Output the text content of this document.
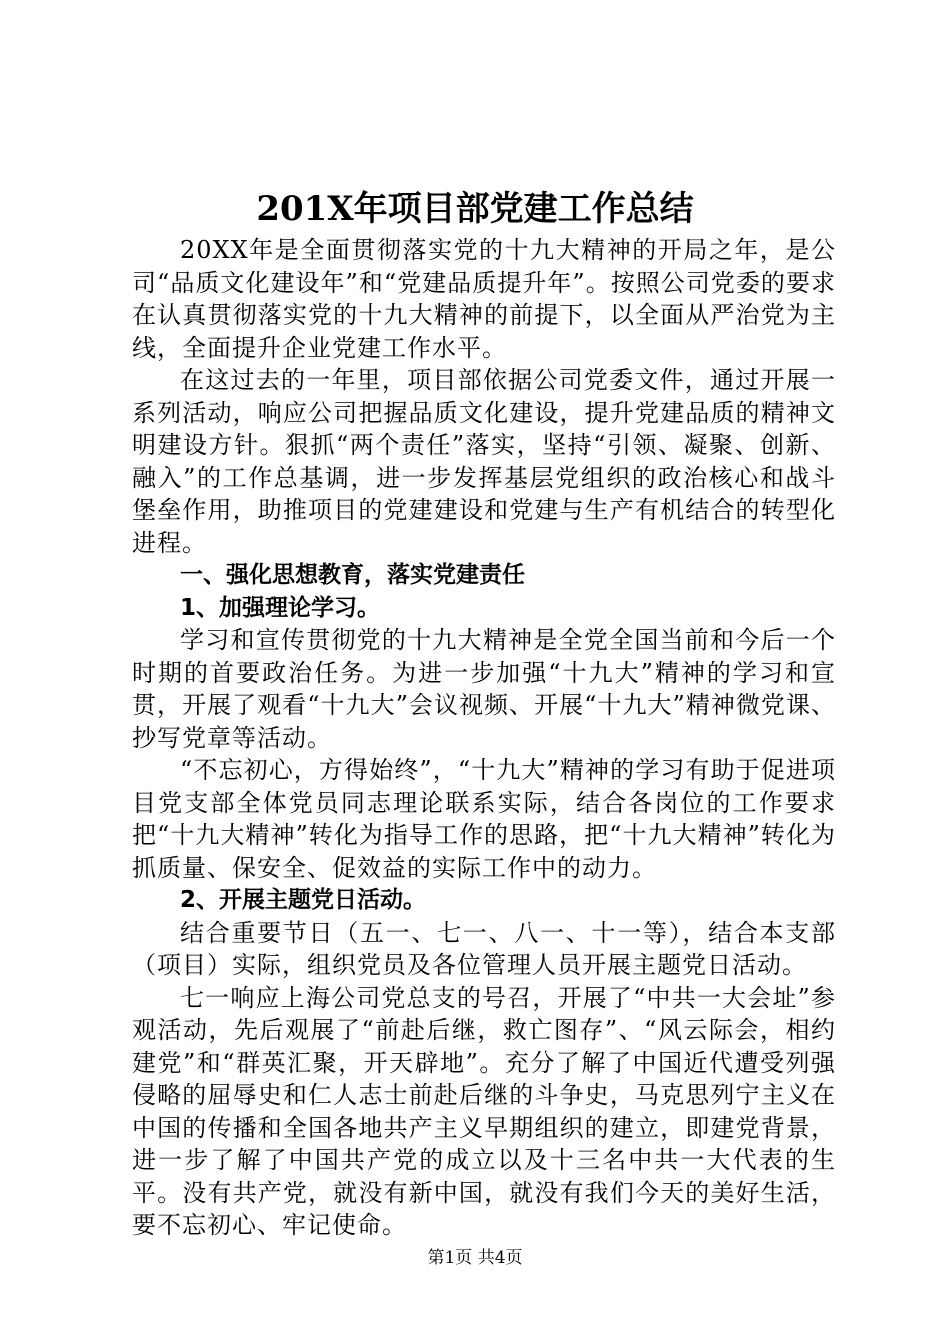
201X年项目部党建工作总结

20XX年是全面贯彻落实党的十九大精神的开局之年，是公司“品质文化建设年”和“党建品质提升年”。按照公司党委的要求在认真贯彻落实党的十九大精神的前提下，以全面从严治党为主线，全面提升企业党建工作水平。

在这过去的一年里，项目部依据公司党委文件，通过开展一系列活动，响应公司把握品质文化建设，提升党建品质的精神文明建设方针。狠抓“两个责任”落实，坚持“引领、凝聚、创新、融入”的工作总基调，进一步发挥基层党组织的政治核心和战斗堡垒作用，助推项目的党建建设和党建与生产有机结合的转型化进程。

一、强化思想教育，落实党建责任

1、加强理论学习。

学习和宣传贯彻党的十九大精神是全党全国当前和今后一个时期的首要政治任务。为进一步加强“十九大”精神的学习和宣贯，开展了观看“十九大”会议视频、开展“十九大”精神微党课、抄写党章等活动。

“不忘初心，方得始终”，“十九大”精神的学习有助于促进项目党支部全体党员同志理论联系实际，结合各岗位的工作要求把“十九大精神”转化为指导工作的思路，把“十九大精神”转化为抓质量、保安全、促效益的实际工作中的动力。

2、开展主题党日活动。

结合重要节日（五一、七一、八一、十一等），结合本支部（项目）实际，组织党员及各位管理人员开展主题党日活动。

七一响应上海公司党总支的号召，开展了“中共一大会址”参观活动，先后观展了“前赴后继，救亡图存”、“风云际会，相约建党”和“群英汇聚，开天辟地”。充分了解了中国近代遭受列强侵略的屈辱史和仁人志士前赴后继的斗争史，马克思列宁主义在中国的传播和全国各地共产主义早期组织的建立，即建党背景，进一步了解了中国共产党的成立以及十三名中共一大代表的生平。没有共产党，就没有新中国，就没有我们今天的美好生活，要不忘初心、牢记使命。

第1页 共4页
